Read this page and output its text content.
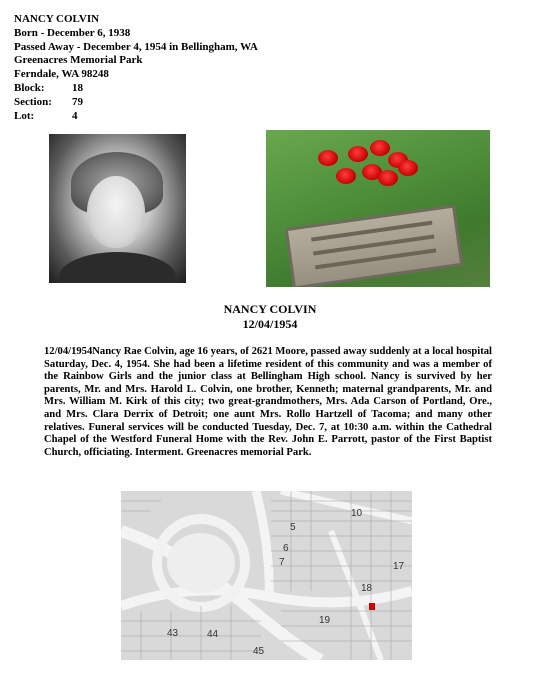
NANCY COLVIN
Born - December 6, 1938
Passed Away - December 4, 1954 in Bellingham, WA
Greenacres Memorial Park
Ferndale, WA 98248
Block:	18
Section:	79
Lot:	4
NANCY COLVIN
12/04/1954
12/04/1954Nancy Rae Colvin, age 16 years, of 2621 Moore, passed away suddenly at a local hospital Saturday, Dec. 4, 1954. She had been a lifetime resident of this community and was a member of the Rainbow Girls and the junior class at Bellingham High school. Nancy is survived by her parents, Mr. and Mrs. Harold L. Colvin, one brother, Kenneth; maternal grandparents, Mr. and Mrs. William M. Kirk of this city; two great-grandmothers, Mrs. Ada Carson of Portland, Ore., and Mrs. Clara Derrix of Detroit; one aunt Mrs. Rollo Hartzell of Tacoma; and many other relatives. Funeral services will be conducted Tuesday, Dec. 7, at 10:30 a.m. within the Cathedral Chapel of the Westford Funeral Home with the Rev. John E. Parrott, pastor of the First Baptist Church, officiating. Interment. Greenacres memorial Park.
5
6
10
7	17
18
19
43	44
45
